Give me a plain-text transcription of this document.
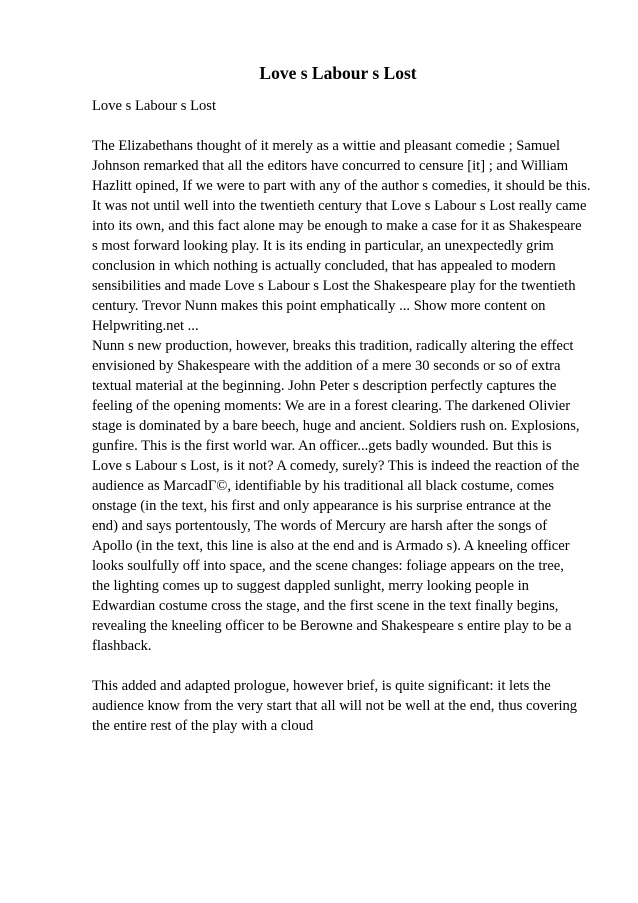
Love s Labour s Lost

Love s Labour s Lost

The Elizabethans thought of it merely as a wittie and pleasant comedie ; Samuel
Johnson remarked that all the editors have concurred to censure [it] ; and William
Hazlitt opined, If we were to part with any of the author s comedies, it should be this.
It was not until well into the twentieth century that Love s Labour s Lost really came
into its own, and this fact alone may be enough to make a case for it as Shakespeare
s most forward looking play. It is its ending in particular, an unexpectedly grim
conclusion in which nothing is actually concluded, that has appealed to modern
sensibilities and made Love s Labour s Lost the Shakespeare play for the twentieth
century. Trevor Nunn makes this point emphatically ... Show more content on
Helpwriting.net ...
Nunn s new production, however, breaks this tradition, radically altering the effect
envisioned by Shakespeare with the addition of a mere 30 seconds or so of extra
textual material at the beginning. John Peter s description perfectly captures the
feeling of the opening moments: We are in a forest clearing. The darkened Olivier
stage is dominated by a bare beech, huge and ancient. Soldiers rush on. Explosions,
gunfire. This is the first world war. An officer...gets badly wounded. But this is
Love s Labour s Lost, is it not? A comedy, surely? This is indeed the reaction of the
audience as MarcadГ©, identifiable by his traditional all black costume, comes
onstage (in the text, his first and only appearance is his surprise entrance at the
end) and says portentously, The words of Mercury are harsh after the songs of
Apollo (in the text, this line is also at the end and is Armado s). A kneeling officer
looks soulfully off into space, and the scene changes: foliage appears on the tree,
the lighting comes up to suggest dappled sunlight, merry looking people in
Edwardian costume cross the stage, and the first scene in the text finally begins,
revealing the kneeling officer to be Berowne and Shakespeare s entire play to be a
flashback.
This added and adapted prologue, however brief, is quite significant: it lets the
audience know from the very start that all will not be well at the end, thus covering
the entire rest of the play with a cloud
